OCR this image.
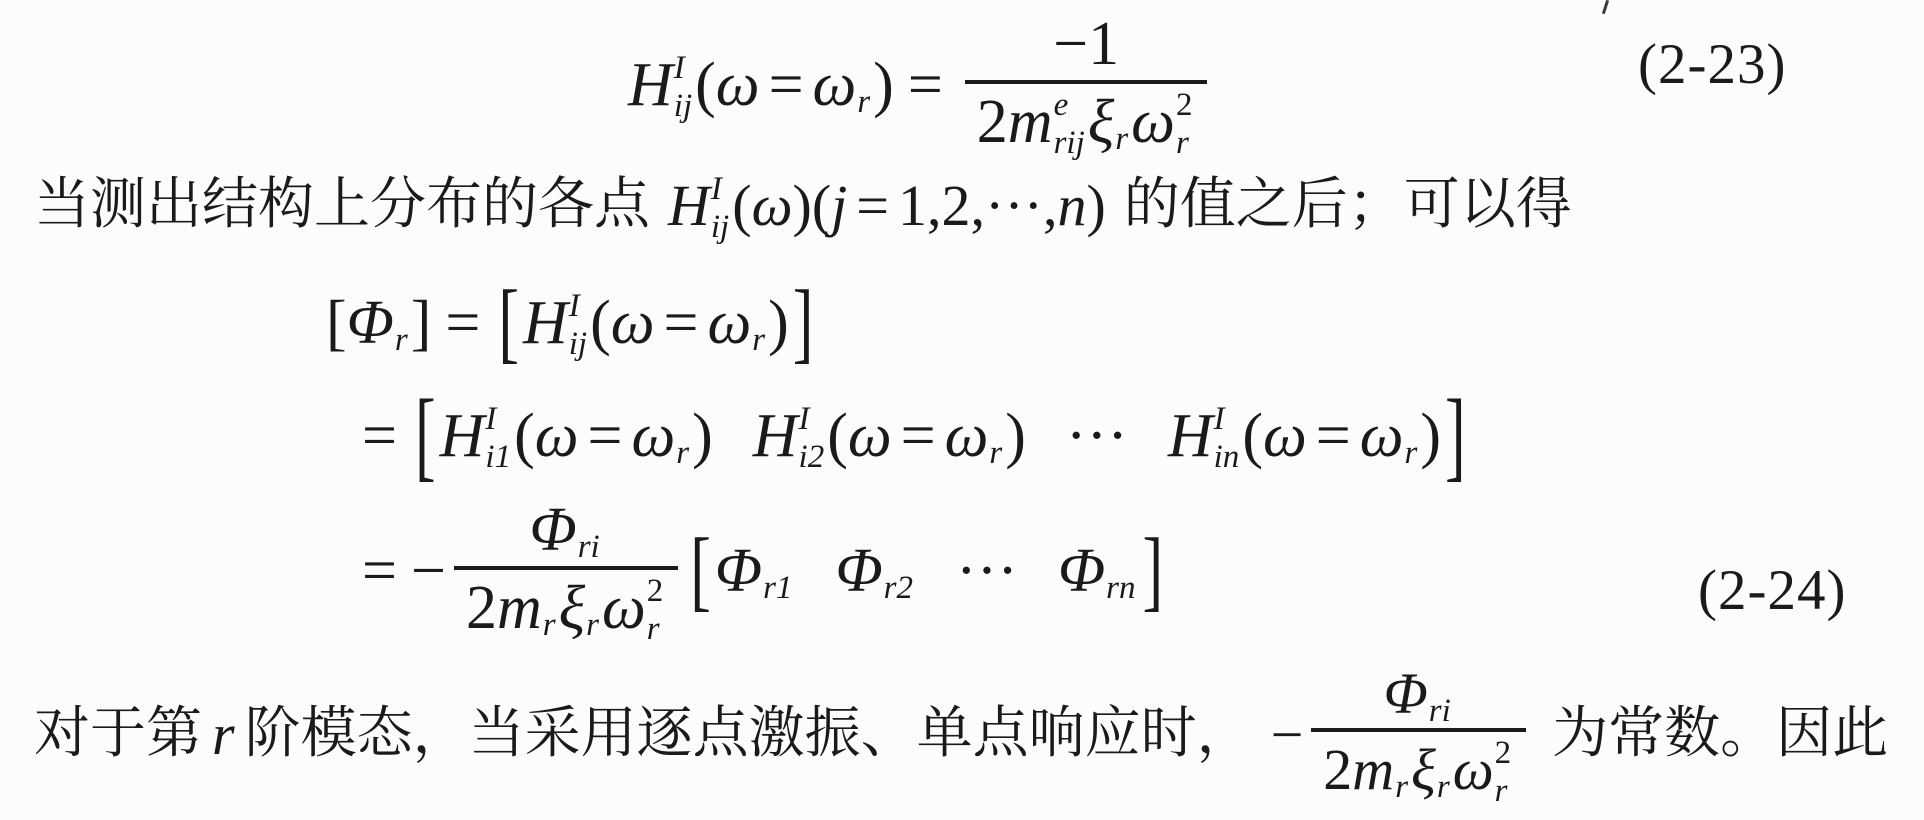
H I
ij ( ω = ω r ) = −1
2 m e
rij ξ r ω 2
r	(2-23)
当测出结构上分布的各点 H I
ij ( ω ) ( j = 1,2, ··· , n ) 的值之后；可以得
[ Φ r ] = [ H I
ij ( ω = ω r ) ]
= [ H I
i1 ( ω = ω r ) H I
i2 ( ω = ω r ) ··· H I
in ( ω = ω r ) ]
= − Φ ri
2 m r ξ r ω 2
r [ Φ r1 Φ r2 ··· Φ rn ]	(2-24)
对于第 r 阶模态，当采用逐点激振、单点响应时， − Φ ri
2 m r ξ r ω 2
r 为常数。因此
